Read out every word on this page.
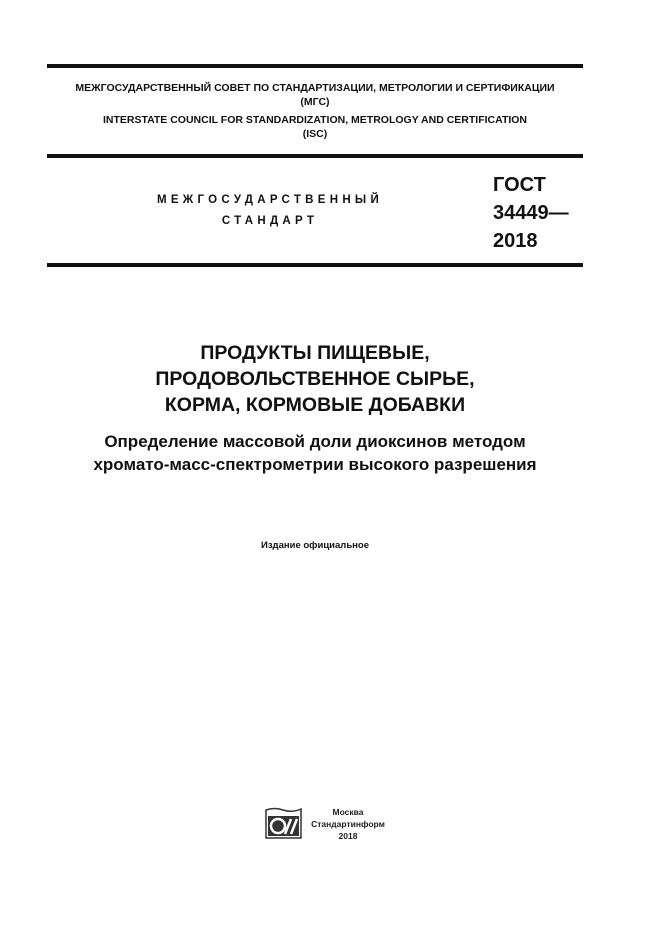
МЕЖГОСУДАРСТВЕННЫЙ СОВЕТ ПО СТАНДАРТИЗАЦИИ, МЕТРОЛОГИИ И СЕРТИФИКАЦИИ
(МГС)
INTERSTATE COUNCIL FOR STANDARDIZATION, METROLOGY AND CERTIFICATION
(ISC)
МЕЖГОСУДАРСТВЕННЫЙ
СТАНДАРТ
ГОСТ
34449—
2018
ПРОДУКТЫ ПИЩЕВЫЕ,
ПРОДОВОЛЬСТВЕННОЕ СЫРЬЕ,
КОРМА, КОРМОВЫЕ ДОБАВКИ
Определение массовой доли диоксинов методом
хромато-масс-спектрометрии высокого разрешения
Издание официальное
Москва
Стандартинформ
2018
